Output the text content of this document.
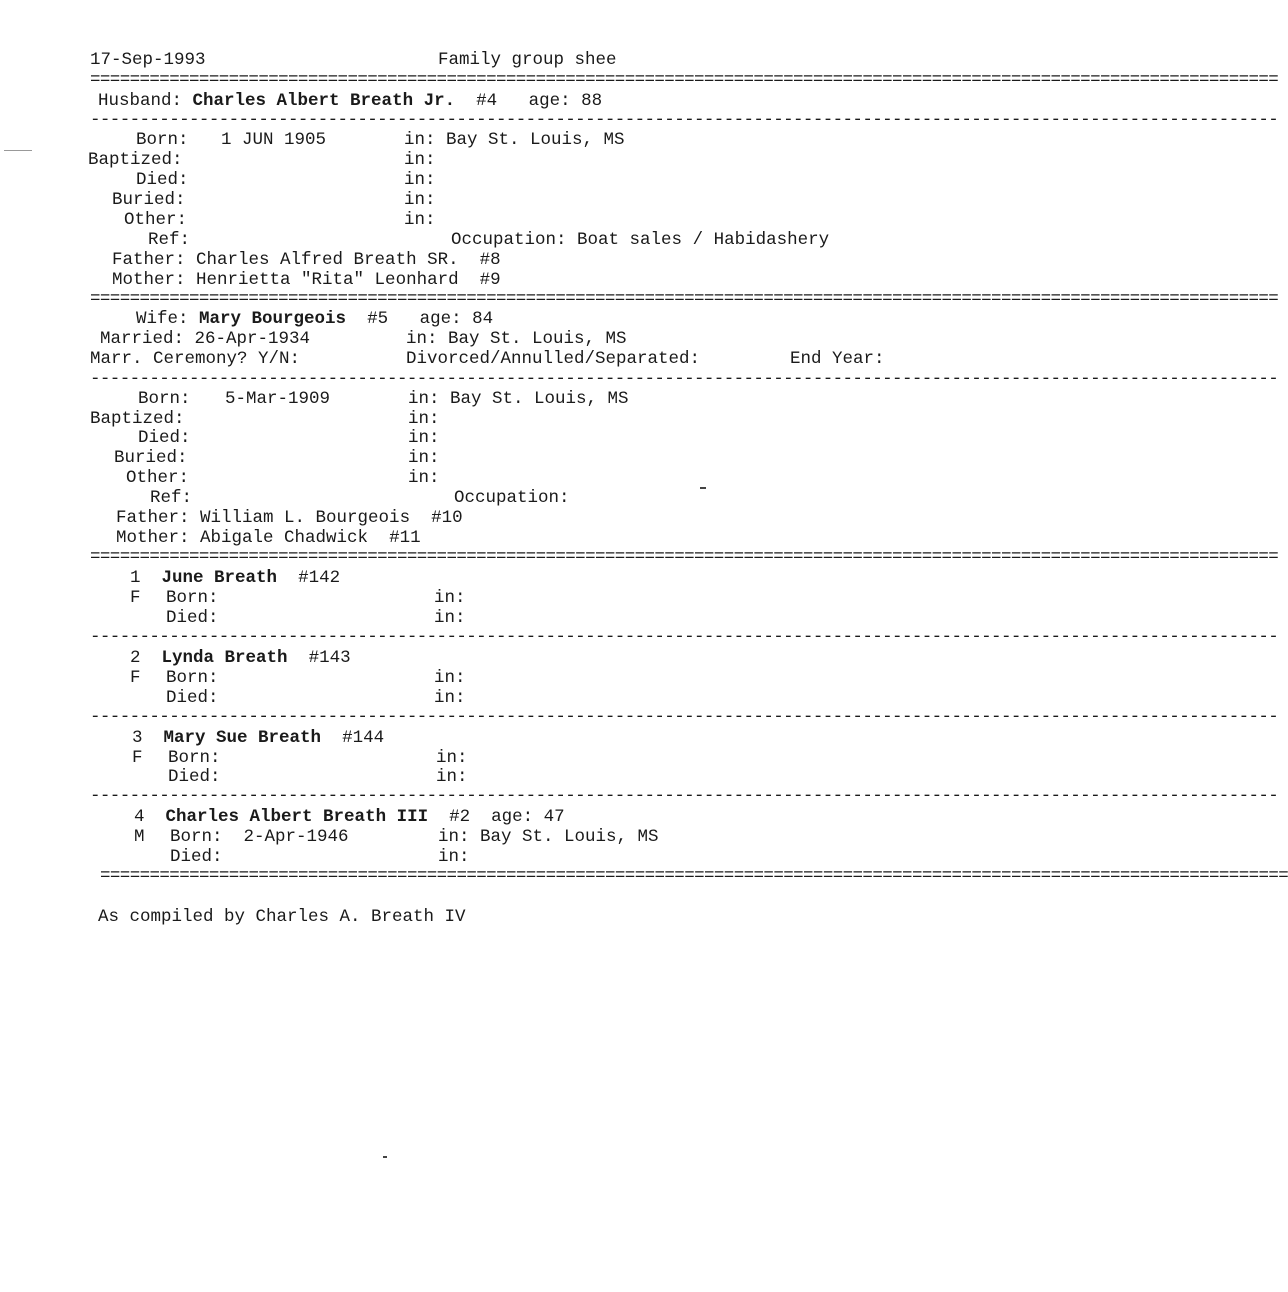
17-Sep-1993	Family group shee
========================================================================================================================
Husband: Charles Albert Breath Jr. #4 age: 88
------------------------------------------------------------------------------------------------------------------------
Born: 1 JUN 1905	in: Bay St. Louis, MS
Baptized:	in:
Died:	in:
Buried:	in:
Other:	in:
Ref:	Occupation: Boat sales / Habidashery
Father: Charles Alfred Breath SR. #8
Mother: Henrietta "Rita" Leonhard #9
========================================================================================================================
Wife: Mary Bourgeois #5 age: 84
Married: 26-Apr-1934	in: Bay St. Louis, MS
Marr. Ceremony? Y/N:	Divorced/Annulled/Separated:	End Year:
------------------------------------------------------------------------------------------------------------------------
Born: 5-Mar-1909	in: Bay St. Louis, MS
Baptized:	in:
Died:	in:
Buried:	in:
Other:	in:
Ref:	Occupation:
Father: William L. Bourgeois #10
Mother: Abigale Chadwick #11
========================================================================================================================
1 June Breath #142
F Born:	in:
Died:	in:
------------------------------------------------------------------------------------------------------------------------
2 Lynda Breath #143
F Born:	in:
Died:	in:
------------------------------------------------------------------------------------------------------------------------
3 Mary Sue Breath #144
F Born:	in:
Died:	in:
------------------------------------------------------------------------------------------------------------------------
4 Charles Albert Breath III #2 age: 47
M Born: 2-Apr-1946	in: Bay St. Louis, MS
Died:	in:
========================================================================================================================
As compiled by Charles A. Breath IV
